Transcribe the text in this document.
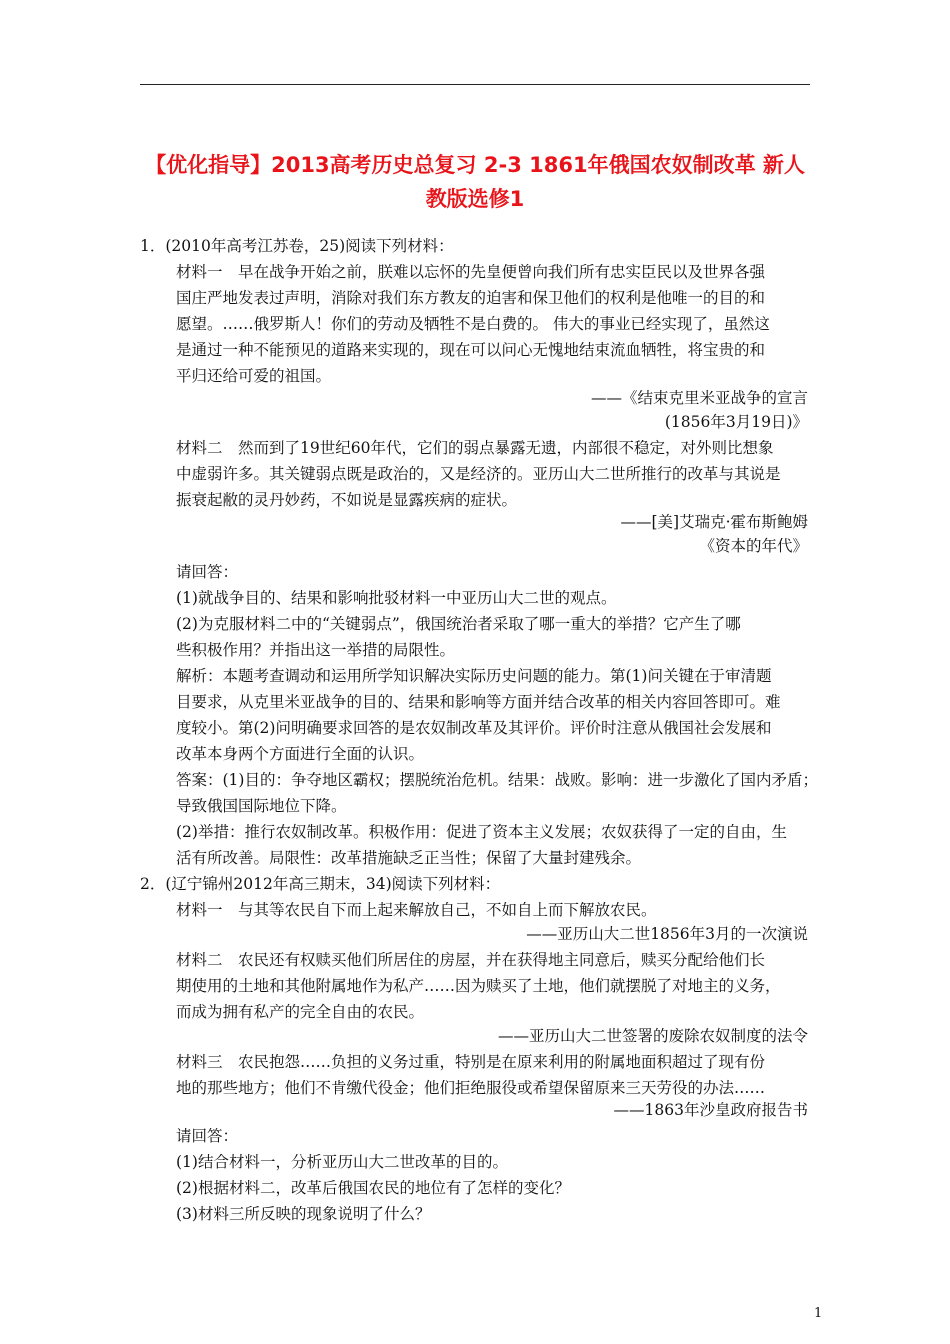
【优化指导】2013高考历史总复习 2-3 1861年俄国农奴制改革 新人
教版选修1
1．(2010年高考江苏卷，25)阅读下列材料：
材料一　早在战争开始之前，朕难以忘怀的先皇便曾向我们所有忠实臣民以及世界各强
国庄严地发表过声明，消除对我们东方教友的迫害和保卫他们的权利是他唯一的目的和
愿望。……俄罗斯人！你们的劳动及牺牲不是白费的。 伟大的事业已经实现了，虽然这
是通过一种不能预见的道路来实现的，现在可以问心无愧地结束流血牺牲，将宝贵的和
平归还给可爱的祖国。
——《结束克里米亚战争的宣言
(1856年3月19日)》
材料二　然而到了19世纪60年代，它们的弱点暴露无遗，内部很不稳定，对外则比想象
中虚弱许多。其关键弱点既是政治的，又是经济的。亚历山大二世所推行的改革与其说是
振衰起敝的灵丹妙药，不如说是显露疾病的症状。
——[美]艾瑞克·霍布斯鲍姆
《资本的年代》
请回答：
(1)就战争目的、结果和影响批驳材料一中亚历山大二世的观点。
(2)为克服材料二中的“关键弱点”，俄国统治者采取了哪一重大的举措？它产生了哪
些积极作用？并指出这一举措的局限性。
解析：本题考查调动和运用所学知识解决实际历史问题的能力。第(1)问关键在于审清题
目要求，从克里米亚战争的目的、结果和影响等方面并结合改革的相关内容回答即可。难
度较小。第(2)问明确要求回答的是农奴制改革及其评价。评价时注意从俄国社会发展和
改革本身两个方面进行全面的认识。
答案：(1)目的：争夺地区霸权；摆脱统治危机。结果：战败。影响：进一步激化了国内矛盾；
导致俄国国际地位下降。
(2)举措：推行农奴制改革。积极作用：促进了资本主义发展；农奴获得了一定的自由，生
活有所改善。局限性：改革措施缺乏正当性；保留了大量封建残余。
2．(辽宁锦州2012年高三期末，34)阅读下列材料：
材料一　与其等农民自下而上起来解放自己，不如自上而下解放农民。
——亚历山大二世1856年3月的一次演说
材料二　农民还有权赎买他们所居住的房屋，并在获得地主同意后，赎买分配给他们长
期使用的土地和其他附属地作为私产……因为赎买了土地，他们就摆脱了对地主的义务，
而成为拥有私产的完全自由的农民。
——亚历山大二世签署的废除农奴制度的法令
材料三　农民抱怨……负担的义务过重，特别是在原来利用的附属地面积超过了现有份
地的那些地方；他们不肯缴代役金；他们拒绝服役或希望保留原来三天劳役的办法……
——1863年沙皇政府报告书
请回答：
(1)结合材料一，分析亚历山大二世改革的目的。
(2)根据材料二，改革后俄国农民的地位有了怎样的变化？
(3)材料三所反映的现象说明了什么？
1
